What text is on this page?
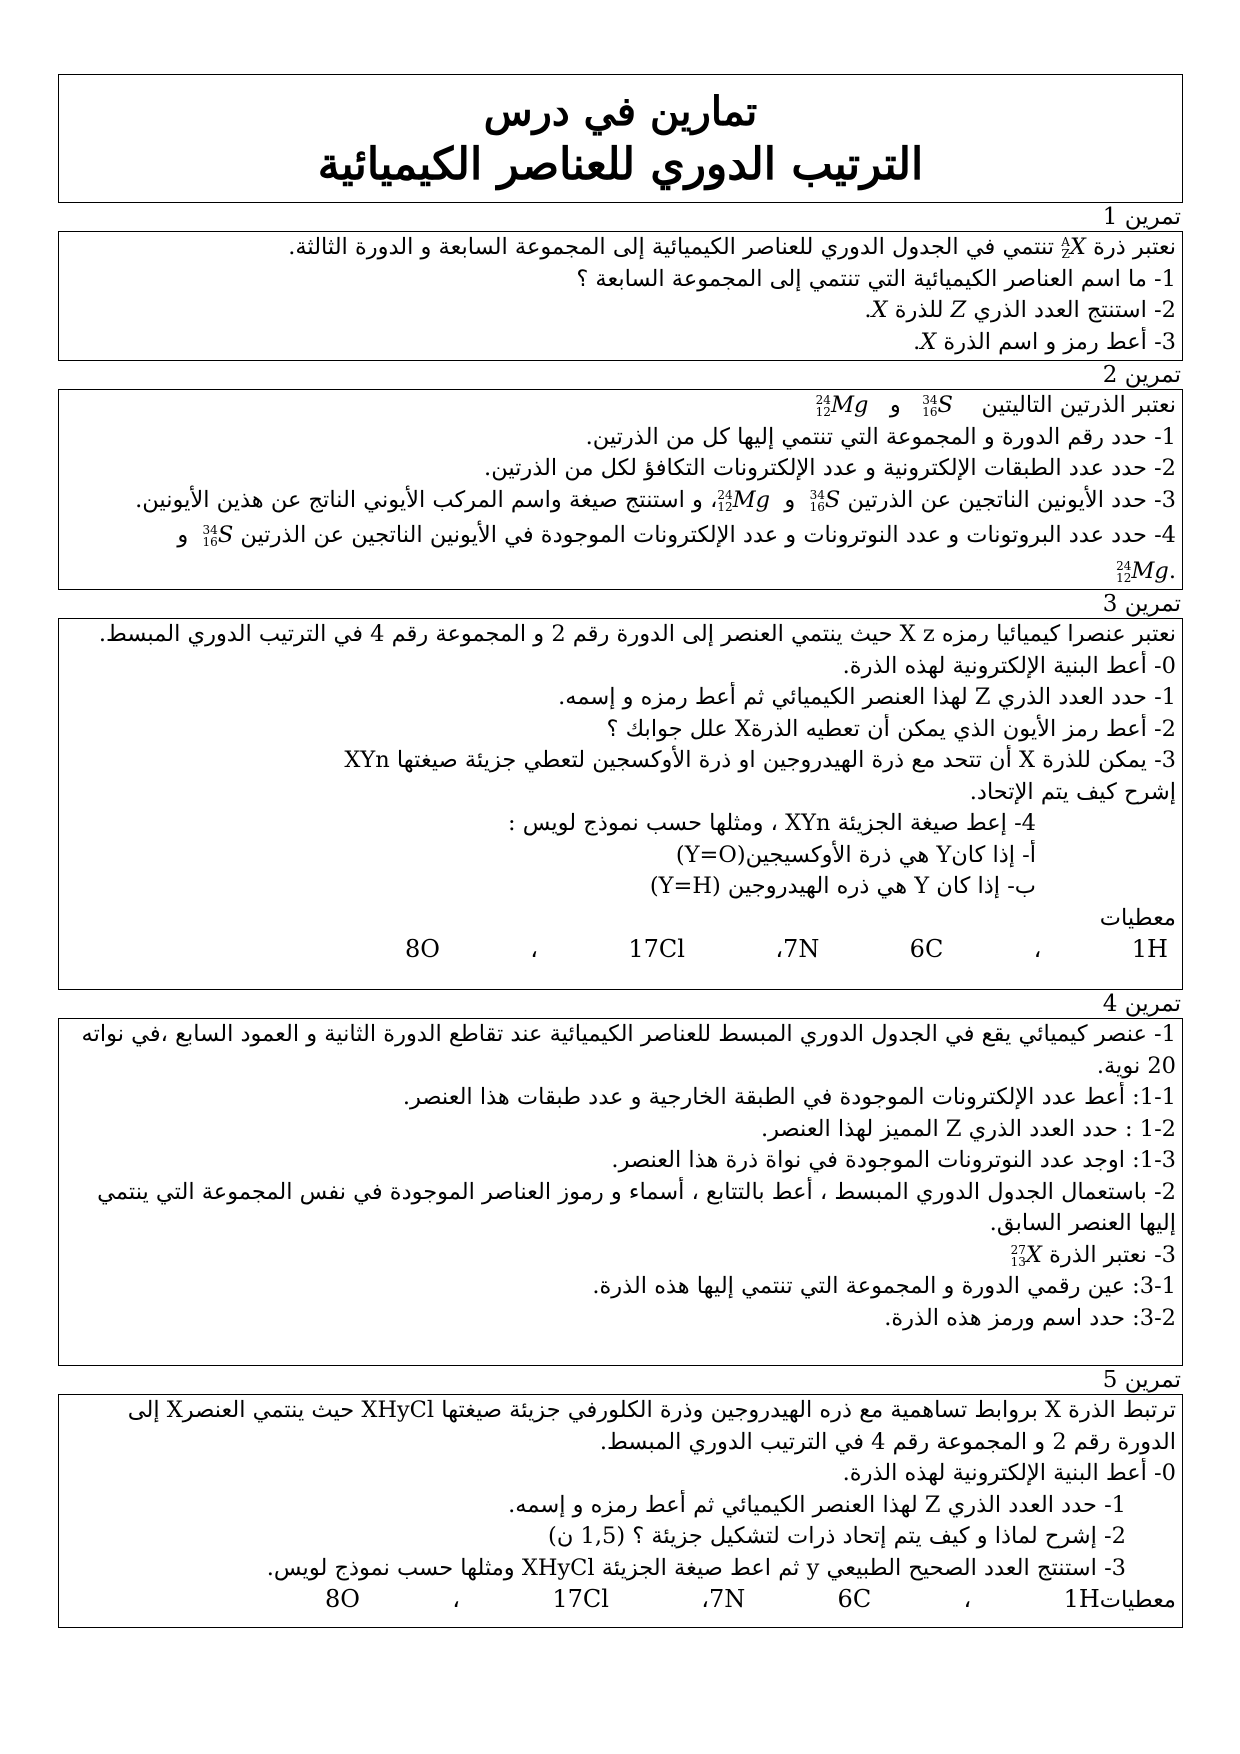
تمارين في درس
الترتيب الدوري للعناصر الكيميائية
تمرين 1
نعتبر ذرة
A
Z X تنتمي في الجدول الدوري للعناصر الكيميائية إلى المجموعة السابعة و الدورة الثالثة.
1- ما اسم العناصر الكيميائية التي تنتمي إلى المجموعة السابعة ؟
2- استنتج العدد الذري Z للذرة X.
3- أعط رمز و اسم الذرة X.
تمرين 2
نعتبر الذرتين التاليتين
34
16 S   و
24
12 Mg
1- حدد رقم الدورة و المجموعة التي تنتمي إليها كل من الذرتين.
2- حدد عدد الطبقات الإلكترونية و عدد الإلكترونات التكافؤ لكل من الذرتين.
3- حدد الأيونين الناتجين عن الذرتين
34
16 S  و
24
12 Mg، و استنتج صيغة واسم المركب الأيوني الناتج عن هذين الأيونين.
4- حدد عدد البروتونات و عدد النوترونات و عدد الإلكترونات الموجودة في الأيونين الناتجين عن الذرتين
34
16 S  و
.
24
12 Mg
تمرين 3
نعتبر عنصرا كيميائيا رمزه X z حيث ينتمي العنصر إلى الدورة رقم 2 و المجموعة رقم 4 في الترتيب الدوري المبسط.
0- أعط البنية الإلكترونية لهذه الذرة.
1- حدد العدد الذري Z لهذا العنصر الكيميائي ثم أعط رمزه و إسمه.
2- أعط رمز الأيون الذي يمكن أن تعطيه الذرةX علل جوابك ؟
3- يمكن للذرة X أن تتحد مع ذرة الهيدروجين او ذرة الأوكسجين لتعطي جزيئة صيغتها XYn
إشرح كيف يتم الإتحاد.
4- إعط صيغة الجزيئة XYn ، ومثلها حسب نموذج لويس :
أ- إذا كانY هي ذرة الأوكسيجين(Y=O)
ب- إذا كان Y هي ذره الهيدروجين (Y=H)
معطيات
8O	،	17Cl	،7N	6C	،	1H
تمرين 4
1- عنصر كيميائي يقع في الجدول الدوري المبسط للعناصر الكيميائية عند تقاطع الدورة الثانية و العمود السابع ،في نواته 20 نوية.
1-1: أعط عدد الإلكترونات الموجودة في الطبقة الخارجية و عدد طبقات هذا العنصر.
1-2 : حدد العدد الذري Z المميز لهذا العنصر.
1-3: اوجد عدد النوترونات الموجودة في نواة ذرة هذا العنصر.
2- باستعمال الجدول الدوري المبسط ، أعط بالتتابع ، أسماء و رموز العناصر الموجودة في نفس المجموعة التي ينتمي إليها العنصر السابق.
3- نعتبر الذرة
27
13 X
3-1: عين رقمي الدورة و المجموعة التي تنتمي إليها هذه الذرة.
3-2: حدد اسم ورمز هذه الذرة.
تمرين 5
ترتبط الذرة X بروابط تساهمية مع ذره الهيدروجين وذرة الكلورفي جزيئة صيغتها XHyCl حيث ينتمي العنصرX إلى الدورة رقم 2 و المجموعة رقم 4 في الترتيب الدوري المبسط.
0- أعط البنية الإلكترونية لهذه الذرة.
1- حدد العدد الذري Z لهذا العنصر الكيميائي ثم أعط رمزه و إسمه.
2- إشرح لماذا و كيف يتم إتحاد ذرات لتشكيل جزيئة ؟ (1,5 ن)
3- استنتج العدد الصحيح الطبيعي y ثم اعط صيغة الجزيئة XHyCl ومثلها حسب نموذج لويس.
معطيات
8O	،	17Cl	،7N	6C	،	1H
